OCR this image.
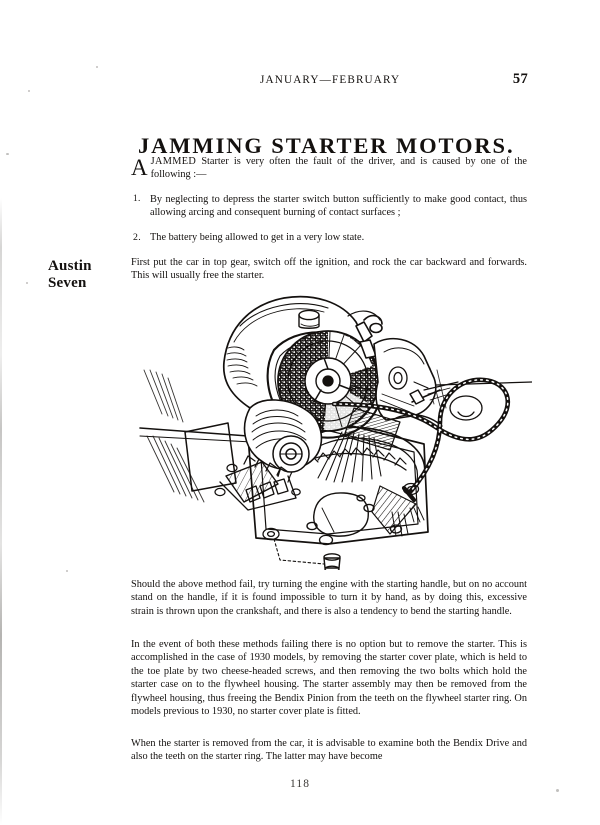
JANUARY—FEBRUARY	57
JAMMING STARTER MOTORS.

AJAMMED Starter is very often the fault of the driver, and is caused by one of the following :—

1. By neglecting to depress the starter switch button sufficiently to make good contact, thus allowing arcing and consequent burning of contact surfaces ;
2. The battery being allowed to get in a very low state.
Austin
Seven

First put the car in top gear, switch off the ignition, and rock the car backward and forwards. This will usually free the starter.

Should the above method fail, try turning the engine with the starting handle, but on no account stand on the handle, if it is found impossible to turn it by hand, as by doing this, excessive strain is thrown upon the crankshaft, and there is also a tendency to bend the starting handle.

In the event of both these methods failing there is no option but to remove the starter. This is accomplished in the case of 1930 models, by removing the starter cover plate, which is held to the toe plate by two cheese-headed screws, and then removing the two bolts which hold the starter case on to the flywheel housing. The starter assembly may then be removed from the flywheel housing, thus freeing the Bendix Pinion from the teeth on the flywheel starter ring. On models previous to 1930, no starter cover plate is fitted.

When the starter is removed from the car, it is advisable to examine both the Bendix Drive and also the teeth on the starter ring. The latter may have become

118
